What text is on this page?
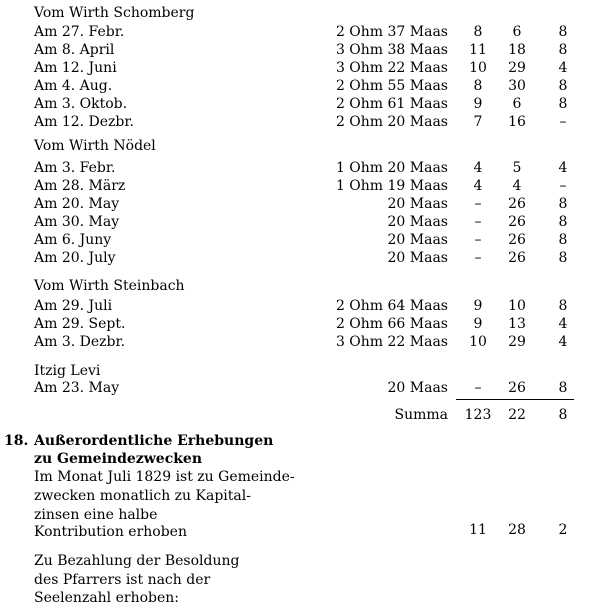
Vom Wirth Schomberg
Am 27. Febr.	2 Ohm 37 Maas	8	6	8
Am 8. April	3 Ohm 38 Maas	11	18	8
Am 12. Juni	3 Ohm 22 Maas	10	29	4
Am 4. Aug.	2 Ohm 55 Maas	8	30	8
Am 3. Oktob.	2 Ohm 61 Maas	9	6	8
Am 12. Dezbr.	2 Ohm 20 Maas	7	16	–
Vom Wirth Nödel
Am 3. Febr.	1 Ohm 20 Maas	4	5	4
Am 28. März	1 Ohm 19 Maas	4	4	–
Am 20. May	20 Maas	–	26	8
Am 30. May	20 Maas	–	26	8
Am 6. Juny	20 Maas	–	26	8
Am 20. July	20 Maas	–	26	8
Vom Wirth Steinbach
Am 29. Juli	2 Ohm 64 Maas	9	10	8
Am 29. Sept.	2 Ohm 66 Maas	9	13	4
Am 3. Dezbr.	3 Ohm 22 Maas	10	29	4
Itzig Levi
Am 23. May	20 Maas	–	26	8
Summa 123	22	8
18. Außerordentliche Erhebungen
zu Gemeindezwecken
Im Monat Juli 1829 ist zu Gemeinde-
zwecken monatlich zu Kapital-
zinsen eine halbe
Kontribution erhoben	11	28	2
Zu Bezahlung der Besoldung
des Pfarrers ist nach der
Seelenzahl erhoben:
